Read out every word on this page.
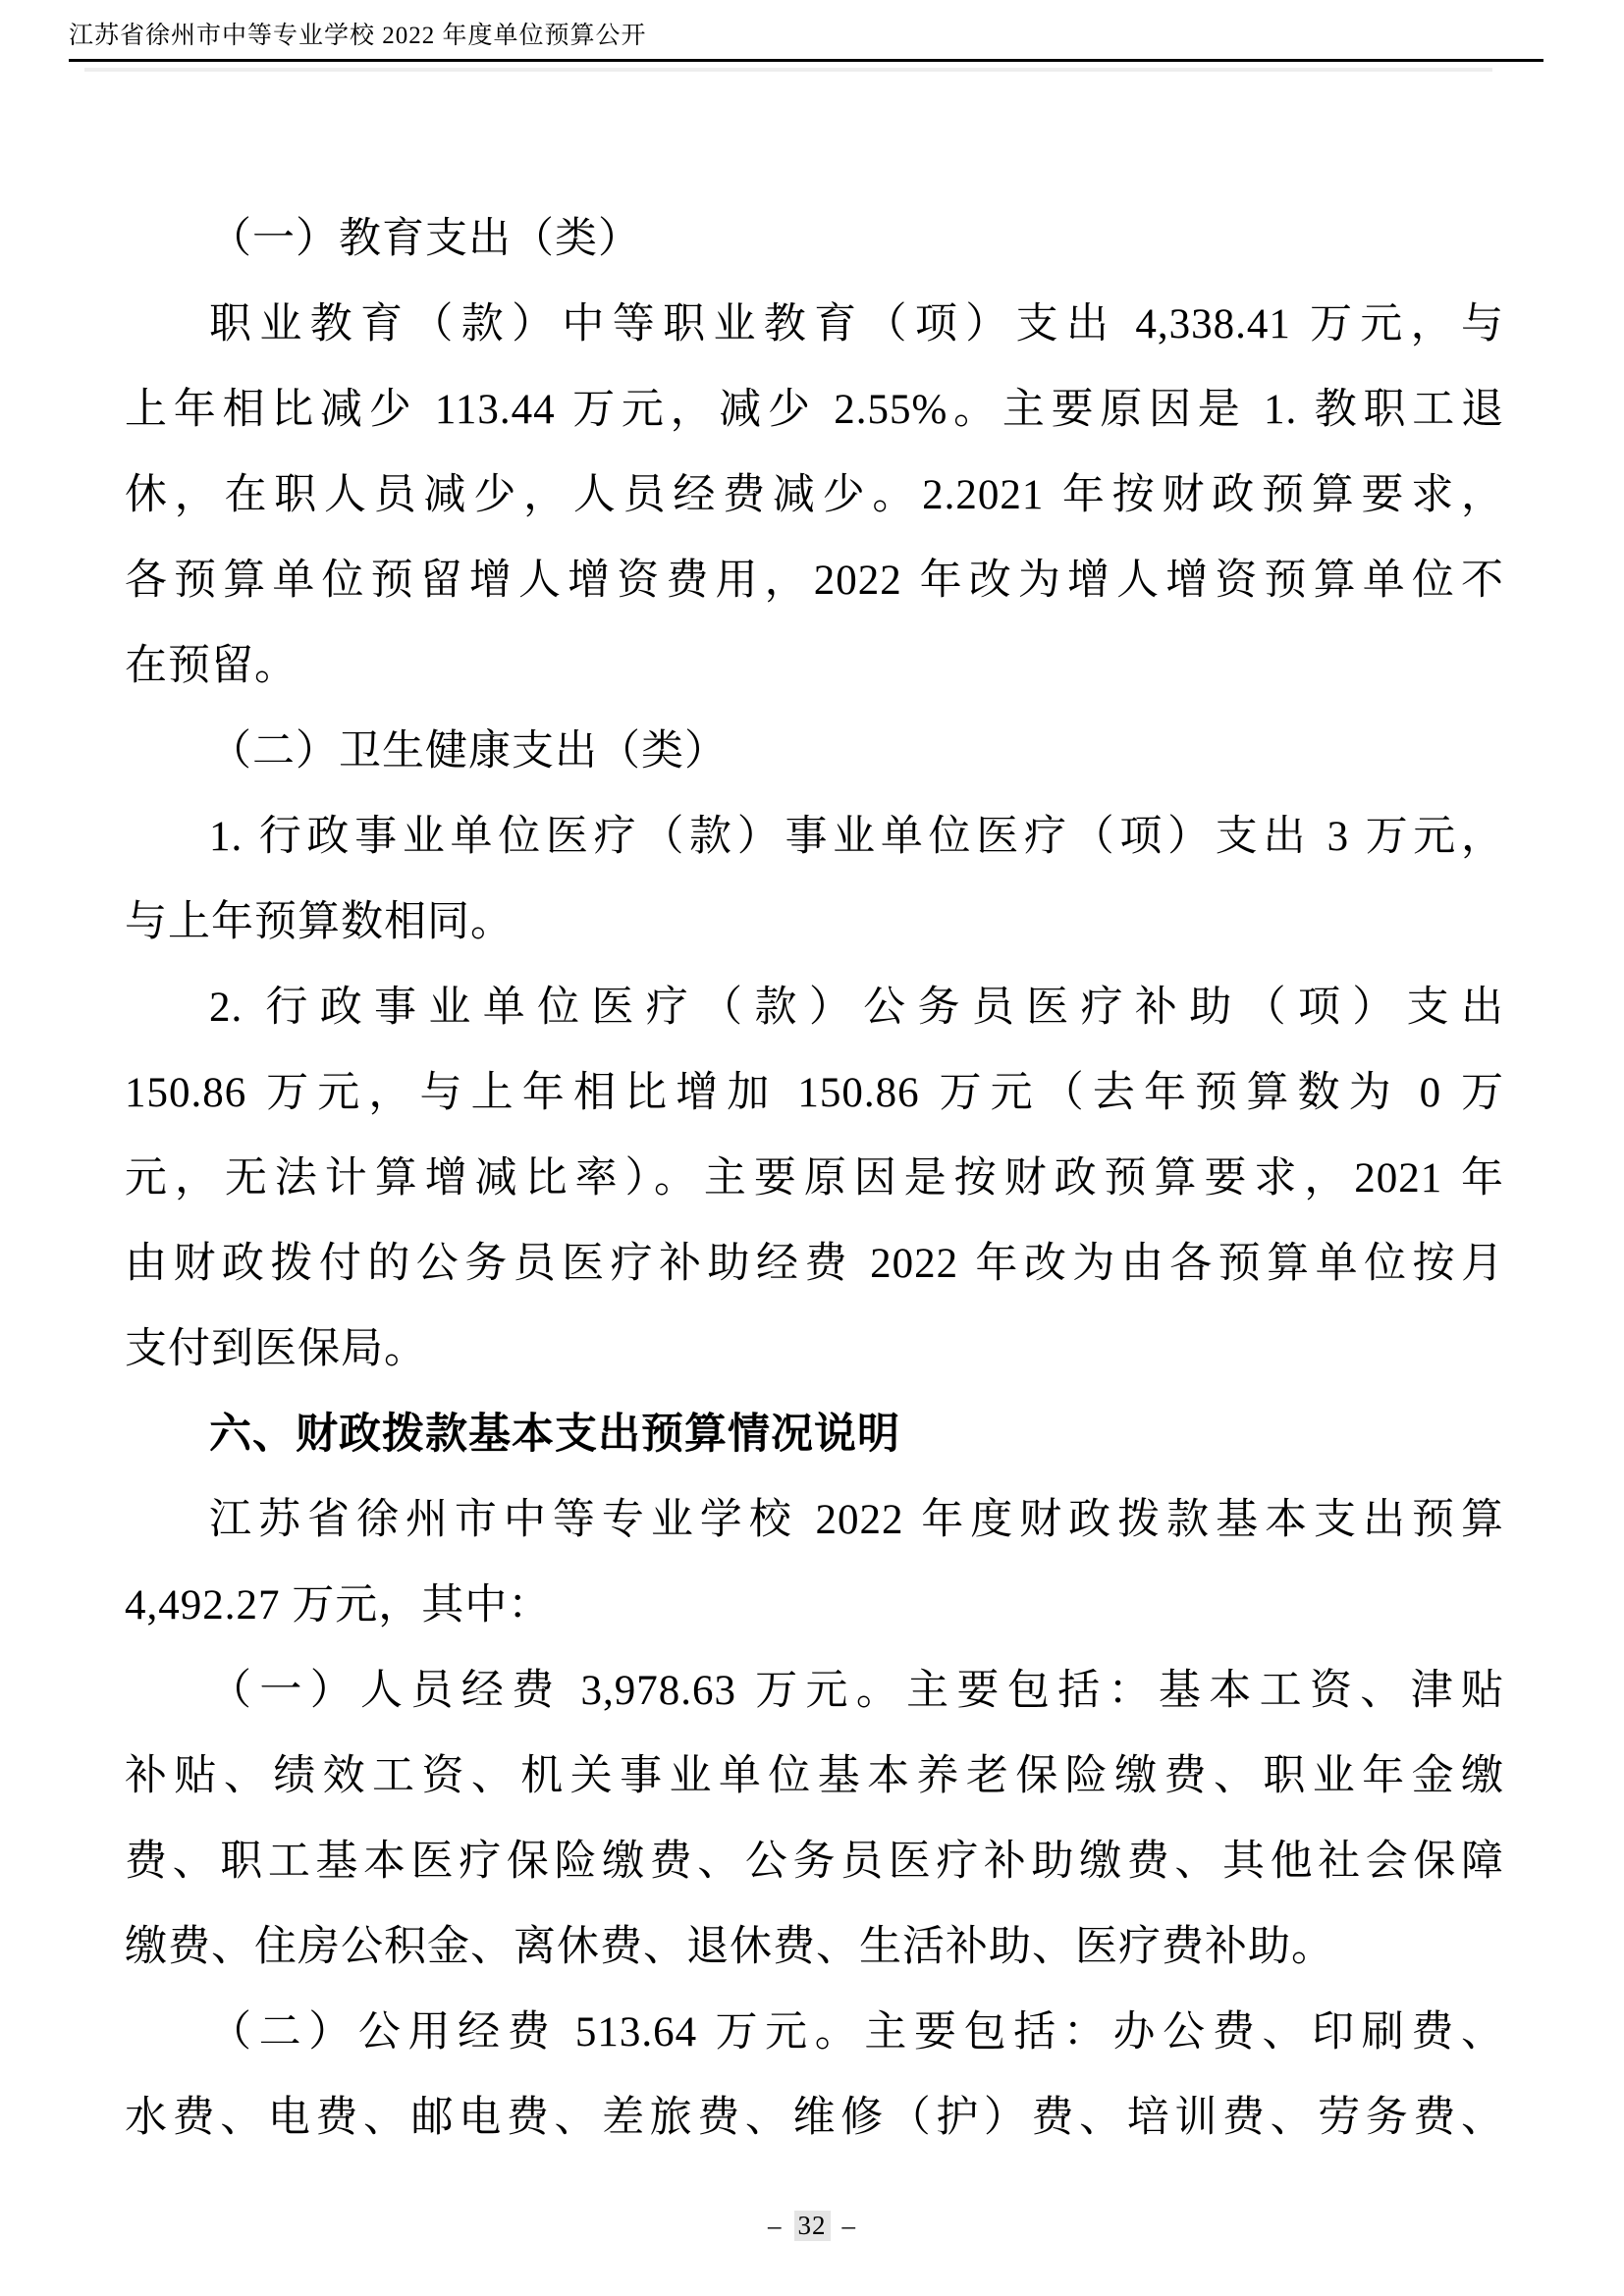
江苏省徐州市中等专业学校 2022 年度单位预算公开
（一）教育支出（类）
职业教育（款）中等职业教育（项）支出 4,338.41 万元，与
上年相比减少 113.44 万元，减少 2.55%。主要原因是 1. 教职工退
休，在职人员减少，人员经费减少。2.2021 年按财政预算要求，
各预算单位预留增人增资费用，2022 年改为增人增资预算单位不
在预留。
（二）卫生健康支出（类）
1. 行政事业单位医疗（款）事业单位医疗（项）支出 3 万元，
与上年预算数相同。
2. 行政事业单位医疗（款）公务员医疗补助（项）支出
150.86 万元，与上年相比增加 150.86 万元（去年预算数为 0 万
元，无法计算增减比率）。主要原因是按财政预算要求，2021 年
由财政拨付的公务员医疗补助经费 2022 年改为由各预算单位按月
支付到医保局。
六、财政拨款基本支出预算情况说明
江苏省徐州市中等专业学校 2022 年度财政拨款基本支出预算
4,492.27 万元，其中：
（一）人员经费 3,978.63 万元。主要包括：基本工资、津贴
补贴、绩效工资、机关事业单位基本养老保险缴费、职业年金缴
费、职工基本医疗保险缴费、公务员医疗补助缴费、其他社会保障
缴费、住房公积金、离休费、退休费、生活补助、医疗费补助。
（二）公用经费 513.64 万元。主要包括：办公费、印刷费、
水费、电费、邮电费、差旅费、维修（护）费、培训费、劳务费、
– 32 –
